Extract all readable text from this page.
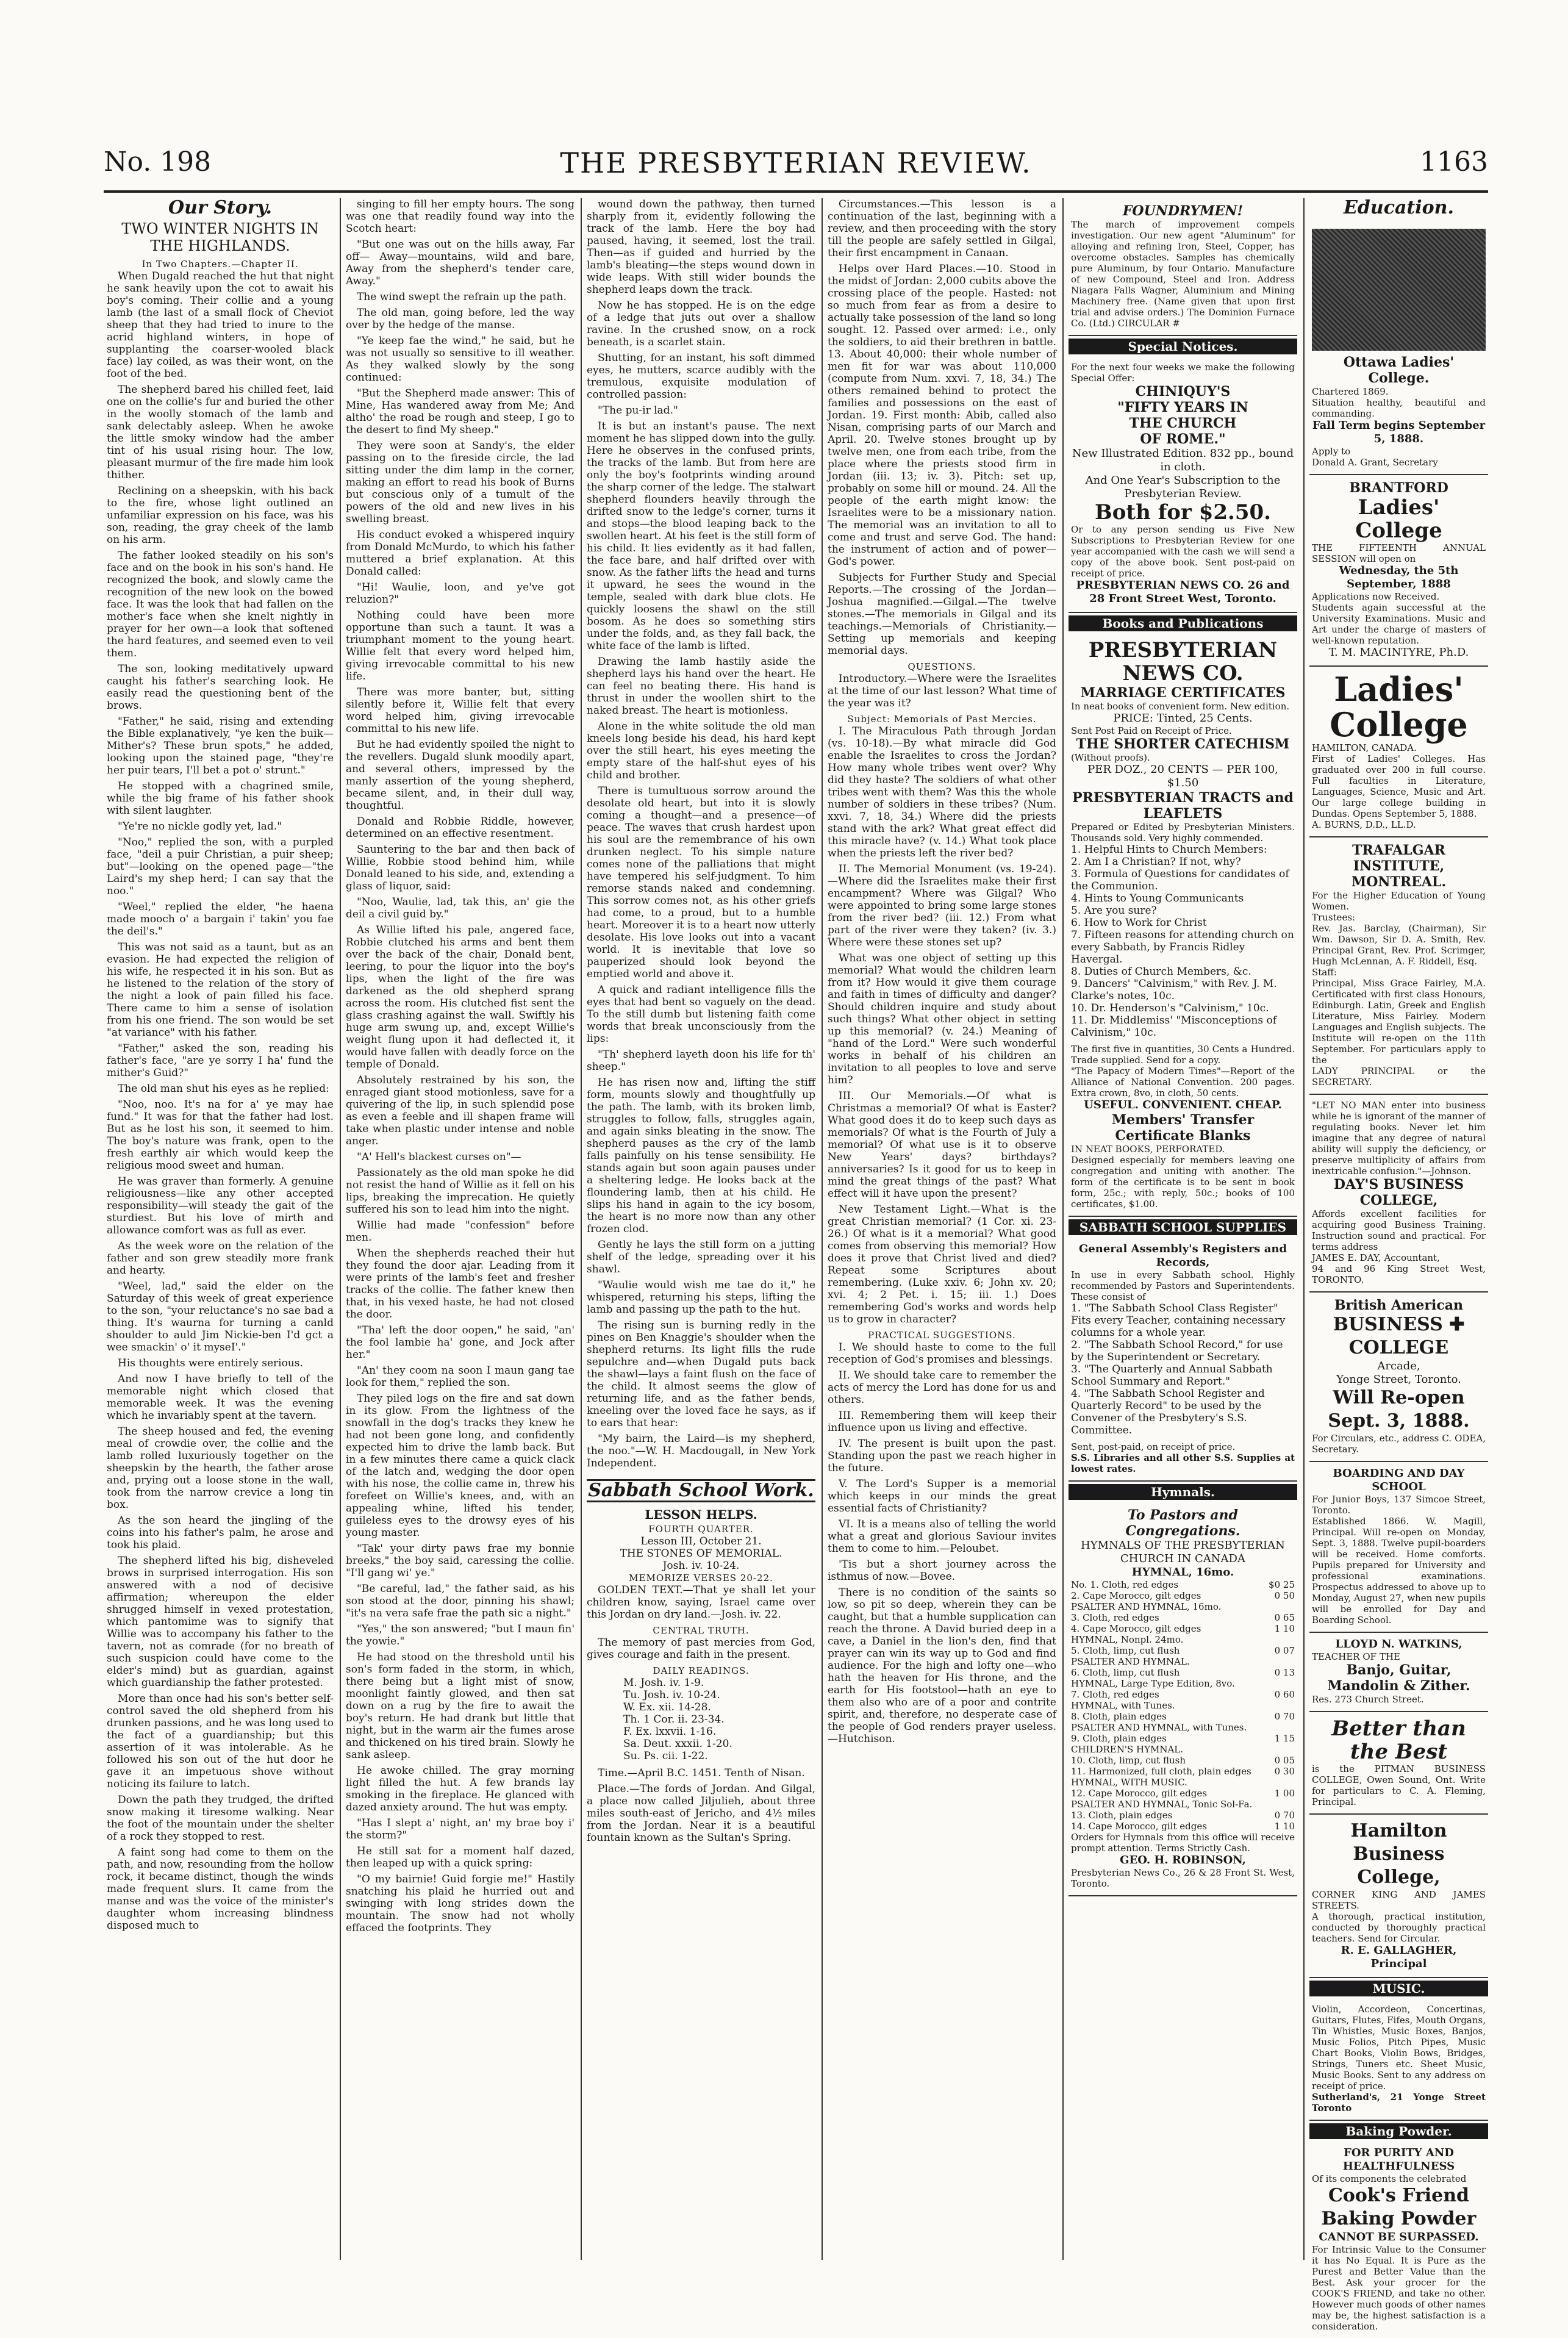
No. 198	THE PRESBYTERIAN REVIEW.	1163
Our Story.
TWO WINTER NIGHTS IN THE HIGHLANDS.
In Two Chapters.—Chapter II.

When Dugald reached the hut that night he sank heavily upon the cot to await his boy's coming. Their collie and a young lamb (the last of a small flock of Cheviot sheep that they had tried to inure to the acrid highland winters, in hope of supplanting the coarser-wooled black face) lay coiled, as was their wont, on the foot of the bed.

The shepherd bared his chilled feet, laid one on the collie's fur and buried the other in the woolly stomach of the lamb and sank delectably asleep. When he awoke the little smoky window had the amber tint of his usual rising hour. The low, pleasant murmur of the fire made him look thither.

Reclining on a sheepskin, with his back to the fire, whose light outlined an unfamiliar expression on his face, was his son, reading, the gray cheek of the lamb on his arm.

The father looked steadily on his son's face and on the book in his son's hand. He recognized the book, and slowly came the recognition of the new look on the bowed face. It was the look that had fallen on the mother's face when she knelt nightly in prayer for her own—a look that softened the hard features, and seemed even to veil them.

The son, looking meditatively upward caught his father's searching look. He easily read the questioning bent of the brows.

"Father," he said, rising and extending the Bible explanatively, "ye ken the buik—Mither's? These brun spots," he added, looking upon the stained page, "they're her puir tears, I'll bet a pot o' strunt."

He stopped with a chagrined smile, while the big frame of his father shook with silent laughter.

"Ye're no nickle godly yet, lad."

"Noo," replied the son, with a purpled face, "deil a puir Christian, a puir sheep; but"—looking on the opened page—"the Laird's my shep herd; I can say that the noo."

"Weel," replied the elder, "he haena made mooch o' a bargain i' takin' you fae the deil's."

This was not said as a taunt, but as an evasion. He had expected the religion of his wife, he respected it in his son. But as he listened to the relation of the story of the night a look of pain filled his face. There came to him a sense of isolation from his one friend. The son would be set "at variance" with his father.

"Father," asked the son, reading his father's face, "are ye sorry I ha' fund the mither's Guid?"

The old man shut his eyes as he replied:

"Noo, noo. It's na for a' ye may hae fund." It was for that the father had lost. But as he lost his son, it seemed to him. The boy's nature was frank, open to the fresh earthly air which would keep the religious mood sweet and human.

He was graver than formerly. A genuine religiousness—like any other accepted responsibility—will steady the gait of the sturdiest. But his love of mirth and allowance comfort was as full as ever.

As the week wore on the relation of the father and son grew steadily more frank and hearty.

"Weel, lad," said the elder on the Saturday of this week of great experience to the son, "your reluctance's no sae bad a thing. It's waurna for turning a canld shoulder to auld Jim Nickie-ben I'd gct a wee smackin' o' it myseI'."

His thoughts were entirely serious.

And now I have briefly to tell of the memorable night which closed that memorable week. It was the evening which he invariably spent at the tavern.

The sheep housed and fed, the evening meal of crowdie over, the collie and the lamb rolled luxuriously together on the sheepskin by the hearth, the father arose and, prying out a loose stone in the wall, took from the narrow crevice a long tin box.

As the son heard the jingling of the coins into his father's palm, he arose and took his plaid.

The shepherd lifted his big, disheveled brows in surprised interrogation. His son answered with a nod of decisive affirmation; whereupon the elder shrugged himself in vexed protestation, which pantomime was to signify that Willie was to accompany his father to the tavern, not as comrade (for no breath of such suspicion could have come to the elder's mind) but as guardian, against which guardianship the father protested.

More than once had his son's better self-control saved the old shepherd from his drunken passions, and he was long used to the fact of a guardianship; but this assertion of it was intolerable. As he followed his son out of the hut door he gave it an impetuous shove without noticing its failure to latch.

Down the path they trudged, the drifted snow making it tiresome walking. Near the foot of the mountain under the shelter of a rock they stopped to rest.

A faint song had come to them on the path, and now, resounding from the hollow rock, it became distinct, though the winds made frequent slurs. It came from the manse and was the voice of the minister's daughter whom increasing blindness disposed much to

singing to fill her empty hours. The song was one that readily found way into the Scotch heart:

"But one was out on the hills away, Far off— Away—mountains, wild and bare, Away from the shepherd's tender care, Away."

The wind swept the refrain up the path.

The old man, going before, led the way over by the hedge of the manse.

"Ye keep fae the wind," he said, but he was not usually so sensitive to ill weather. As they walked slowly by the song continued:

"But the Shepherd made answer: This of Mine, Has wandered away from Me; And altho' the road be rough and steep, I go to the desert to find My sheep."

They were soon at Sandy's, the elder passing on to the fireside circle, the lad sitting under the dim lamp in the corner, making an effort to read his book of Burns but conscious only of a tumult of the powers of the old and new lives in his swelling breast.

His conduct evoked a whispered inquiry from Donald McMurdo, to which his father muttered a brief explanation. At this Donald called:

"Hi! Waulie, loon, and ye've got reluzion?"

Nothing could have been more opportune than such a taunt. It was a triumphant moment to the young heart. Willie felt that every word helped him, giving irrevocable committal to his new life.

There was more banter, but, sitting silently before it, Willie felt that every word helped him, giving irrevocable committal to his new life.

But he had evidently spoiled the night to the revellers. Dugald slunk moodily apart, and several others, impressed by the manly assertion of the young shepherd, became silent, and, in their dull way, thoughtful.

Donald and Robbie Riddle, however, determined on an effective resentment.

Sauntering to the bar and then back of Willie, Robbie stood behind him, while Donald leaned to his side, and, extending a glass of liquor, said:

"Noo, Waulie, lad, tak this, an' gie the deil a civil guid by."

As Willie lifted his pale, angered face, Robbie clutched his arms and bent them over the back of the chair, Donald bent, leering, to pour the liquor into the boy's lips, when the light of the fire was darkened as the old shepherd sprang across the room. His clutched fist sent the glass crashing against the wall. Swiftly his huge arm swung up, and, except Willie's weight flung upon it had deflected it, it would have fallen with deadly force on the temple of Donald.

Absolutely restrained by his son, the enraged giant stood motionless, save for a quivering of the lip, in such splendid pose as even a feeble and ill shapen frame will take when plastic under intense and noble anger.

"A' Hell's blackest curses on"—

Passionately as the old man spoke he did not resist the hand of Willie as it fell on his lips, breaking the imprecation. He quietly suffered his son to lead him into the night.

Willie had made "confession" before men.

When the shepherds reached their hut they found the door ajar. Leading from it were prints of the lamb's feet and fresher tracks of the collie. The father knew then that, in his vexed haste, he had not closed the door.

"Tha' left the door oopen," he said, "an' the fool lambie ha' gone, and Jock after her."

"An' they coom na soon I maun gang tae look for them," replied the son.

They piled logs on the fire and sat down in its glow. From the lightness of the snowfall in the dog's tracks they knew he had not been gone long, and confidently expected him to drive the lamb back. But in a few minutes there came a quick clack of the latch and, wedging the door open with his nose, the collie came in, threw his forefeet on Willie's knees, and, with an appealing whine, lifted his tender, guileless eyes to the drowsy eyes of his young master.

"Tak' your dirty paws frae my bonnie breeks," the boy said, caressing the collie. "I'll gang wi' ye."

"Be careful, lad," the father said, as his son stood at the door, pinning his shawl; "it's na vera safe frae the path sic a night."

"Yes," the son answered; "but I maun fin' the yowie."

He had stood on the threshold until his son's form faded in the storm, in which, there being but a light mist of snow, moonlight faintly glowed, and then sat down on a rug by the fire to await the boy's return. He had drank but little that night, but in the warm air the fumes arose and thickened on his tired brain. Slowly he sank asleep.

He awoke chilled. The gray morning light filled the hut. A few brands lay smoking in the fireplace. He glanced with dazed anxiety around. The hut was empty.

"Has I slept a' night, an' my brae boy i' the storm?"

He still sat for a moment half dazed, then leaped up with a quick spring:

"O my bairnie! Guid forgie me!" Hastily snatching his plaid he hurried out and swinging with long strides down the mountain. The snow had not wholly effaced the footprints. They

wound down the pathway, then turned sharply from it, evidently following the track of the lamb. Here the boy had paused, having, it seemed, lost the trail. Then—as if guided and hurried by the lamb's bleating—the steps wound down in wide leaps. With still wider bounds the shepherd leaps down the track.

Now he has stopped. He is on the edge of a ledge that juts out over a shallow ravine. In the crushed snow, on a rock beneath, is a scarlet stain.

Shutting, for an instant, his soft dimmed eyes, he mutters, scarce audibly with the tremulous, exquisite modulation of controlled passion:

"The pu-ir lad."

It is but an instant's pause. The next moment he has slipped down into the gully. Here he observes in the confused prints, the tracks of the lamb. But from here are only the boy's footprints winding around the sharp corner of the ledge. The stalwart shepherd flounders heavily through the drifted snow to the ledge's corner, turns it and stops—the blood leaping back to the swollen heart. At his feet is the still form of his child. It lies evidently as it had fallen, the face bare, and half drifted over with snow. As the father lifts the head and turns it upward, he sees the wound in the temple, sealed with dark blue clots. He quickly loosens the shawl on the still bosom. As he does so something stirs under the folds, and, as they fall back, the white face of the lamb is lifted.

Drawing the lamb hastily aside the shepherd lays his hand over the heart. He can feel no beating there. His hand is thrust in under the woollen shirt to the naked breast. The heart is motionless.

Alone in the white solitude the old man kneels long beside his dead, his hard kept over the still heart, his eyes meeting the empty stare of the half-shut eyes of his child and brother.

There is tumultuous sorrow around the desolate old heart, but into it is slowly coming a thought—and a presence—of peace. The waves that crush hardest upon his soul are the remembrance of his own drunken neglect. To his simple nature comes none of the palliations that might have tempered his self-judgment. To him remorse stands naked and condemning. This sorrow comes not, as his other griefs had come, to a proud, but to a humble heart. Moreover it is to a heart now utterly desolate. His love looks out into a vacant world. It is inevitable that love so pauperized should look beyond the emptied world and above it.

A quick and radiant intelligence fills the eyes that had bent so vaguely on the dead. To the still dumb but listening faith come words that break unconsciously from the lips:

"Th' shepherd layeth doon his life for th' sheep."

He has risen now and, lifting the stiff form, mounts slowly and thoughtfully up the path. The lamb, with its broken limb, struggles to follow, falls, struggles again, and again sinks bleating in the snow. The shepherd pauses as the cry of the lamb falls painfully on his tense sensibility. He stands again but soon again pauses under a sheltering ledge. He looks back at the floundering lamb, then at his child. He slips his hand in again to the icy bosom, the heart is no more now than any other frozen clod.

Gently he lays the still form on a jutting shelf of the ledge, spreading over it his shawl.

"Waulie would wish me tae do it," he whispered, returning his steps, lifting the lamb and passing up the path to the hut.

The rising sun is burning redly in the pines on Ben Knaggie's shoulder when the shepherd returns. Its light fills the rude sepulchre and—when Dugald puts back the shawl—lays a faint flush on the face of the child. It almost seems the glow of returning life, and as the father bends, kneeling over the loved face he says, as if to ears that hear:

"My bairn, the Laird—is my shepherd, the noo."—W. H. Macdougall, in New York Independent.

Sabbath School Work.
LESSON HELPS.
FOURTH QUARTER.
Lesson III, October 21.
THE STONES OF MEMORIAL.
Josh. iv. 10-24.
MEMORIZE VERSES 20-22.

GOLDEN TEXT.—That ye shall let your children know, saying, Israel came over this Jordan on dry land.—Josh. iv. 22.

CENTRAL TRUTH.

The memory of past mercies from God, gives courage and faith in the present.

DAILY READINGS.
M. Josh. iv. 1-9.
Tu. Josh. iv. 10-24.
W. Ex. xii. 14-28.
Th. 1 Cor. ii. 23-34.
F. Ex. lxxvii. 1-16.
Sa. Deut. xxxii. 1-20.
Su. Ps. cii. 1-22.

Time.—April B.C. 1451. Tenth of Nisan.

Place.—The fords of Jordan. And Gilgal, a place now called Jiljulieh, about three miles south-east of Jericho, and 4½ miles from the Jordan. Near it is a beautiful fountain known as the Sultan's Spring.

Circumstances.—This lesson is a continuation of the last, beginning with a review, and then proceeding with the story till the people are safely settled in Gilgal, their first encampment in Canaan.

Helps over Hard Places.—10. Stood in the midst of Jordan: 2,000 cubits above the crossing place of the people. Hasted: not so much from fear as from a desire to actually take possession of the land so long sought. 12. Passed over armed: i.e., only the soldiers, to aid their brethren in battle. 13. About 40,000: their whole number of men fit for war was about 110,000 (compute from Num. xxvi. 7, 18, 34.) The others remained behind to protect the families and possessions on the east of Jordan. 19. First month: Abib, called also Nisan, comprising parts of our March and April. 20. Twelve stones brought up by twelve men, one from each tribe, from the place where the priests stood firm in Jordan (iii. 13; iv. 3). Pitch: set up, probably on some hill or mound. 24. All the people of the earth might know: the Israelites were to be a missionary nation. The memorial was an invitation to all to come and trust and serve God. The hand: the instrument of action and of power—God's power.

Subjects for Further Study and Special Reports.—The crossing of the Jordan—Joshua magnified.—Gilgal.—The twelve stones.—The memorials in Gilgal and its teachings.—Memorials of Christianity.—Setting up memorials and keeping memorial days.

QUESTIONS.

Introductory.—Where were the Israelites at the time of our last lesson? What time of the year was it?

Subject: Memorials of Past Mercies.

I. The Miraculous Path through Jordan (vs. 10-18).—By what miracle did God enable the Israelites to cross the Jordan? How many whole tribes went over? Why did they haste? The soldiers of what other tribes went with them? Was this the whole number of soldiers in these tribes? (Num. xxvi. 7, 18, 34.) Where did the priests stand with the ark? What great effect did this miracle have? (v. 14.) What took place when the priests left the river bed?

II. The Memorial Monument (vs. 19-24).—Where did the Israelites make their first encampment? Where was Gilgal? Who were appointed to bring some large stones from the river bed? (iii. 12.) From what part of the river were they taken? (iv. 3.) Where were these stones set up?

What was one object of setting up this memorial? What would the children learn from it? How would it give them courage and faith in times of difficulty and danger? Should children inquire and study about such things? What other object in setting up this memorial? (v. 24.) Meaning of "hand of the Lord." Were such wonderful works in behalf of his children an invitation to all peoples to love and serve him?

III. Our Memorials.—Of what is Christmas a memorial? Of what is Easter? What good does it do to keep such days as memorials? Of what is the Fourth of July a memorial? Of what use is it to observe New Years' days? birthdays? anniversaries? Is it good for us to keep in mind the great things of the past? What effect will it have upon the present?

New Testament Light.—What is the great Christian memorial? (1 Cor. xi. 23-26.) Of what is it a memorial? What good comes from observing this memorial? How does it prove that Christ lived and died? Repeat some Scriptures about remembering. (Luke xxiv. 6; John xv. 20; xvi. 4; 2 Pet. i. 15; iii. 1.) Does remembering God's works and words help us to grow in character?

PRACTICAL SUGGESTIONS.

I. We should haste to come to the full reception of God's promises and blessings.

II. We should take care to remember the acts of mercy the Lord has done for us and others.

III. Remembering them will keep their influence upon us living and effective.

IV. The present is built upon the past. Standing upon the past we reach higher in the future.

V. The Lord's Supper is a memorial which keeps in our minds the great essential facts of Christianity?

VI. It is a means also of telling the world what a great and glorious Saviour invites them to come to him.—Peloubet.

'Tis but a short journey across the isthmus of now.—Bovee.

There is no condition of the saints so low, so pit so deep, wherein they can be caught, but that a humble supplication can reach the throne. A David buried deep in a cave, a Daniel in the lion's den, find that prayer can win its way up to God and find audience. For the high and lofty one—who hath the heaven for His throne, and the earth for His footstool—hath an eye to them also who are of a poor and contrite spirit, and, therefore, no desperate case of the people of God renders prayer useless.—Hutchison.

FOUNDRYMEN!
The march of improvement compels investigation. Our new agent "Aluminum" for alloying and refining Iron, Steel, Copper, has overcome obstacles. Samples has chemically pure Aluminum, by four Ontario. Manufacture of new Compound, Steel and Iron. Address Niagara Falls Wagner, Aluminium and Mining Machinery free. (Name given that upon first trial and advise orders.) The Dominion Furnace Co. (Ltd.) CIRCULAR #
Special Notices.
For the next four weeks we make the following Special Offer:
CHINIQUY'S
"FIFTY YEARS IN
THE CHURCH
OF ROME."
New Illustrated Edition. 832 pp., bound in cloth.
And One Year's Subscription to the Presbyterian Review.
Both for $2.50.
Or to any person sending us Five New Subscriptions to Presbyterian Review for one year accompanied with the cash we will send a copy of the above book. Sent post-paid on receipt of price.
PRESBYTERIAN NEWS CO. 26 and 28 Front Street West, Toronto.
Books and Publications
PRESBYTERIAN NEWS CO.
MARRIAGE CERTIFICATES
In neat books of convenient form. New edition.
PRICE: Tinted, 25 Cents.
Sent Post Paid on Receipt of Price.
THE SHORTER CATECHISM
(Without proofs).
PER DOZ., 20 CENTS — PER 100, $1.50
PRESBYTERIAN TRACTS and LEAFLETS
Prepared or Edited by Presbyterian Ministers. Thousands sold. Very highly commended.
1. Helpful Hints to Church Members:
2. Am I a Christian? If not, why?
3. Formula of Questions for candidates of the Communion.
4. Hints to Young Communicants
5. Are you sure?
6. How to Work for Christ
7. Fifteen reasons for attending church on every Sabbath, by Francis Ridley Havergal.
8. Duties of Church Members, &c.
9. Dancers' "Calvinism," with Rev. J. M. Clarke's notes, 10c.
10. Dr. Henderson's "Calvinism," 10c.
11. Dr. Middlemiss' "Misconceptions of Calvinism," 10c.
The first five in quantities, 30 Cents a Hundred. Trade supplied. Send for a copy.
"The Papacy of Modern Times"—Report of the Alliance of National Convention. 200 pages. Extra crown, 8vo, in cloth, 50 cents.
USEFUL. CONVENIENT. CHEAP.
Members' Transfer Certificate Blanks
IN NEAT BOOKS, PERFORATED.
Designed especially for members leaving one congregation and uniting with another. The form of the certificate is to be sent in book form, 25c.; with reply, 50c.; books of 100 certificates, $1.00.
SABBATH SCHOOL SUPPLIES
General Assembly's Registers and Records,
In use in every Sabbath school. Highly recommended by Pastors and Superintendents. These consist of
1. "The Sabbath School Class Register" Fits every Teacher, containing necessary columns for a whole year.
2. "The Sabbath School Record," for use by the Superintendent or Secretary.
3. "The Quarterly and Annual Sabbath School Summary and Report."
4. "The Sabbath School Register and Quarterly Record" to be used by the Convener of the Presbytery's S.S. Committee.
Sent, post-paid, on receipt of price.
S.S. Libraries and all other S.S. Supplies at lowest rates.
Hymnals.
To Pastors and Congregations.
HYMNALS OF THE PRESBYTERIAN CHURCH IN CANADA
HYMNAL, 16mo.
No. 1. Cloth, red edges	$0 25
2. Cape Morocco, gilt edges	0 50
PSALTER AND HYMNAL, 16mo.
3. Cloth, red edges	0 65
4. Cape Morocco, gilt edges	1 10
HYMNAL, Nonpl. 24mo.
5. Cloth, limp, cut flush	0 07
PSALTER AND HYMNAL.
6. Cloth, limp, cut flush	0 13
HYMNAL, Large Type Edition, 8vo.
7. Cloth, red edges	0 60
HYMNAL, with Tunes.
8. Cloth, plain edges	0 70
PSALTER AND HYMNAL, with Tunes.
9. Cloth, plain edges	1 15
CHILDREN'S HYMNAL.
10. Cloth, limp, cut flush	0 05
11. Harmonized, full cloth, plain edges	0 30
HYMNAL, WITH MUSIC.
12. Cape Morocco, gilt edges	1 00
PSALTER AND HYMNAL, Tonic Sol-Fa.
13. Cloth, plain edges	0 70
14. Cape Morocco, gilt edges	1 10
Orders for Hymnals from this office will receive prompt attention. Terms Strictly Cash.
GEO. H. ROBINSON,
Presbyterian News Co., 26 & 28 Front St. West, Toronto.
Education.
Ottawa Ladies' College.
Chartered 1869.
Situation healthy, beautiful and commanding.
Fall Term begins September 5, 1888.
Apply to
Donald A. Grant, Secretary
BRANTFORD
Ladies' College
THE FIFTEENTH ANNUAL SESSION will open on
Wednesday, the 5th September, 1888
Applications now Received.
Students again successful at the University Examinations. Music and Art under the charge of masters of well-known reputation.
T. M. MACINTYRE, Ph.D.
Ladies' College
HAMILTON, CANADA.
First of Ladies' Colleges. Has graduated over 200 in full course. Full faculties in Literature, Languages, Science, Music and Art. Our large college building in Dundas. Opens September 5, 1888.
A. BURNS, D.D., LL.D.
TRAFALGAR INSTITUTE, MONTREAL.
For the Higher Education of Young Women.
Trustees:
Rev. Jas. Barclay, (Chairman), Sir Wm. Dawson, Sir D. A. Smith, Rev. Principal Grant, Rev. Prof. Scrimger, Hugh McLennan, A. F. Riddell, Esq.
Staff:
Principal, Miss Grace Fairley, M.A. Certificated with first class Honours, Edinburgh. Latin, Greek and English Literature, Miss Fairley. Modern Languages and English subjects. The Institute will re-open on the 11th September. For particulars apply to the
LADY PRINCIPAL or the SECRETARY.
"LET NO MAN enter into business while he is ignorant of the manner of regulating books. Never let him imagine that any degree of natural ability will supply the deficiency, or preserve multiplicity of affairs from inextricable confusion."—Johnson.
DAY'S BUSINESS COLLEGE,
Affords excellent facilities for acquiring good Business Training. Instruction sound and practical. For terms address
JAMES E. DAY, Accountant,
94 and 96 King Street West, TORONTO.
British American
BUSINESS ✚ COLLEGE
Arcade,
Yonge Street, Toronto.
Will Re-open Sept. 3, 1888.
For Circulars, etc., address C. ODEA, Secretary.
BOARDING AND DAY SCHOOL
For Junior Boys, 137 Simcoe Street, Toronto.
Established 1866. W. Magill, Principal. Will re-open on Monday, Sept. 3, 1888. Twelve pupil-boarders will be received. Home comforts. Pupils prepared for University and professional examinations. Prospectus addressed to above up to Monday, August 27, when new pupils will be enrolled for Day and Boarding School.
LLOYD N. WATKINS,
TEACHER OF THE
Banjo, Guitar, Mandolin & Zither.
Res. 273 Church Street.
Better than the Best
is the PITMAN BUSINESS COLLEGE, Owen Sound, Ont. Write for particulars to C. A. Fleming, Principal.
Hamilton Business College,
CORNER KING AND JAMES STREETS.
A thorough, practical institution, conducted by thoroughly practical teachers. Send for Circular.
R. E. GALLAGHER, Principal
MUSIC.
Violin, Accordeon, Concertinas, Guitars, Flutes, Fifes, Mouth Organs, Tin Whistles, Music Boxes, Banjos, Music Folios, Pitch Pipes, Music Chart Books, Violin Bows, Bridges, Strings, Tuners etc. Sheet Music, Music Books. Sent to any address on receipt of price.
Sutherland's, 21 Yonge Street Toronto
Baking Powder.
FOR PURITY AND HEALTHFULNESS
Of its components the celebrated
Cook's Friend Baking Powder
CANNOT BE SURPASSED.
For Intrinsic Value to the Consumer it has No Equal. It is Pure as the Purest and Better Value than the Best. Ask your grocer for the COOK'S FRIEND, and take no other. However much goods of other names may be, the highest satisfaction is a consideration.
